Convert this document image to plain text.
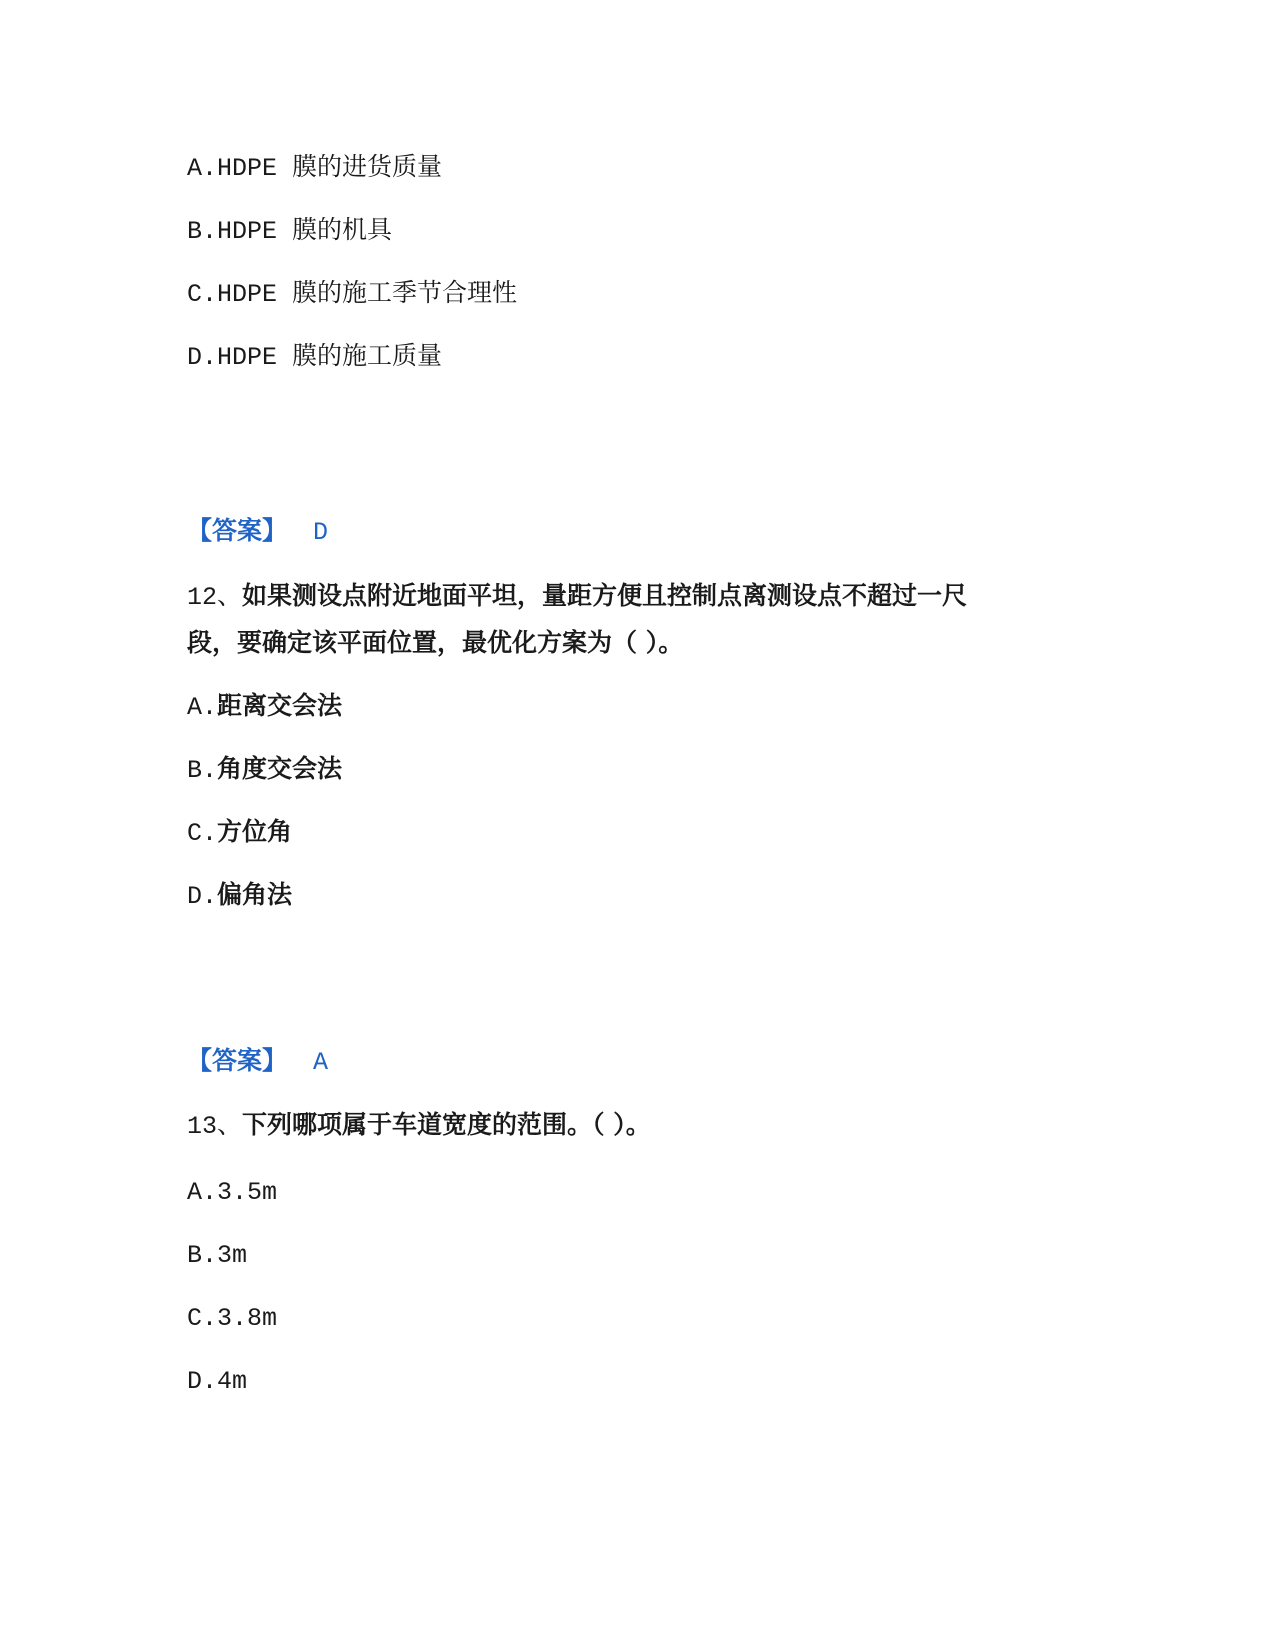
A.HDPE 膜的进货质量
B.HDPE 膜的机具
C.HDPE 膜的施工季节合理性
D.HDPE 膜的施工质量
【答案】 D
12、如果测设点附近地面平坦，量距方便且控制点离测设点不超过一尺
段，要确定该平面位置，最优化方案为（ ）。
A.距离交会法
B.角度交会法
C.方位角
D.偏角法
【答案】 A
13、下列哪项属于车道宽度的范围。（ ）。
A.3.5m
B.3m
C.3.8m
D.4m
